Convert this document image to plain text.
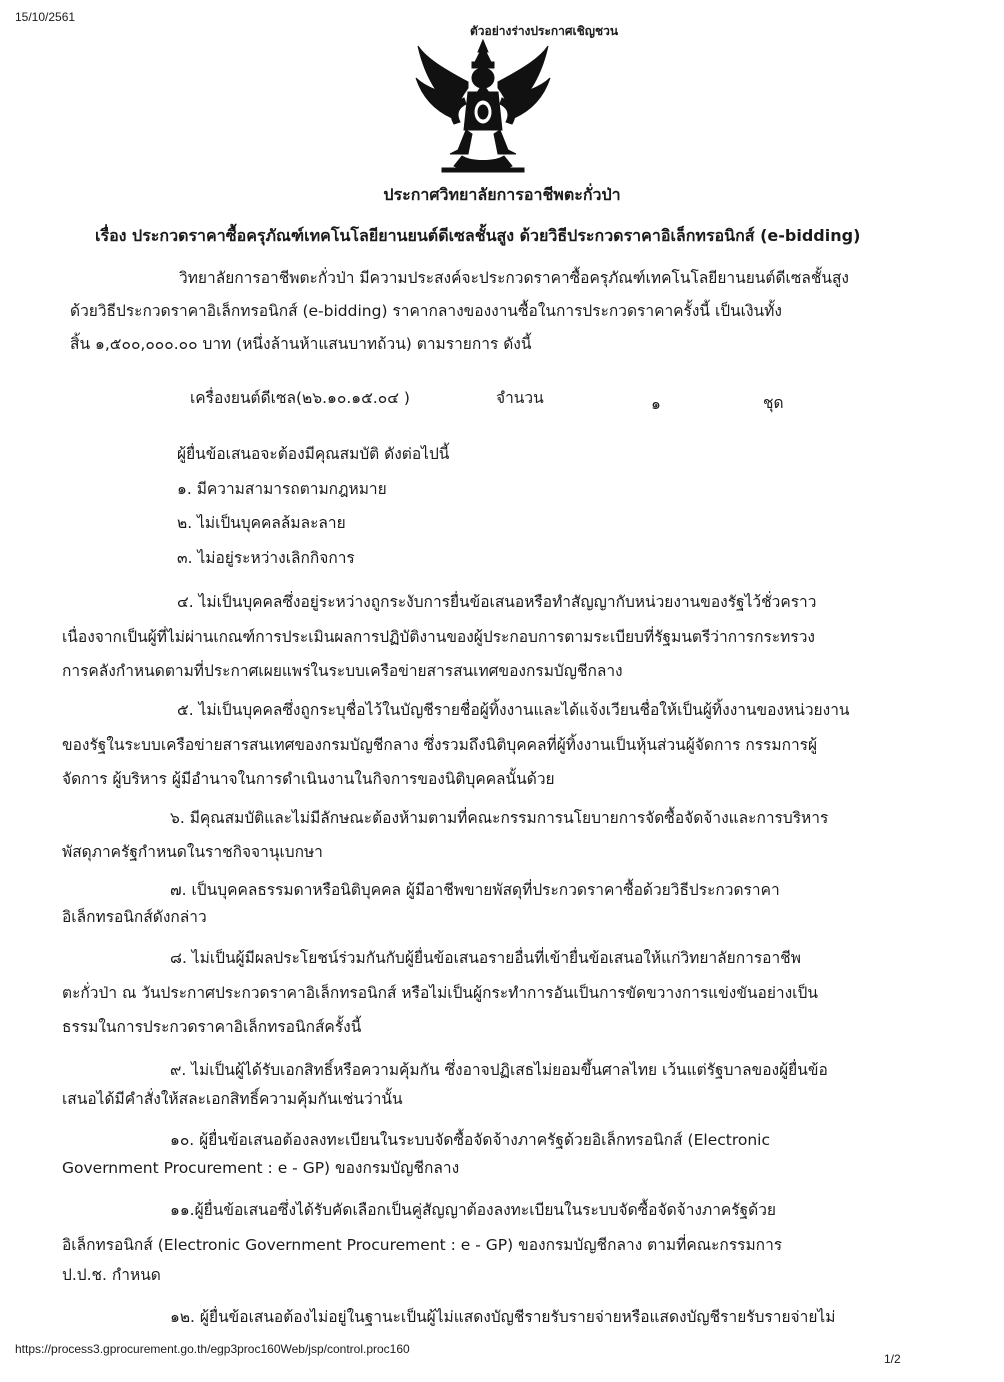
15/10/2561
ตัวอย่างร่างประกาศเชิญชวน
ประกาศวิทยาลัยการอาชีพตะกั่วป่า
เรื่อง ประกวดราคาซื้อครุภัณฑ์เทคโนโลยียานยนต์ดีเซลชั้นสูง ด้วยวิธีประกวดราคาอิเล็กทรอนิกส์ (e-bidding)
วิทยาลัยการอาชีพตะกั่วป่า มีความประสงค์จะประกวดราคาซื้อครุภัณฑ์เทคโนโลยียานยนต์ดีเซลชั้นสูง
ด้วยวิธีประกวดราคาอิเล็กทรอนิกส์ (e-bidding) ราคากลางของงานซื้อในการประกวดราคาครั้งนี้ เป็นเงินทั้ง
สิ้น ๑,๕๐๐,๐๐๐.๐๐ บาท (หนึ่งล้านห้าแสนบาทถ้วน) ตามรายการ ดังนี้
เครื่องยนต์ดีเซล(๒๖.๑๐.๑๕.๐๔ )	จำนวน	๑	ชุด
ผู้ยื่นข้อเสนอจะต้องมีคุณสมบัติ ดังต่อไปนี้
๑. มีความสามารถตามกฎหมาย
๒. ไม่เป็นบุคคลล้มละลาย
๓. ไม่อยู่ระหว่างเลิกกิจการ
๔. ไม่เป็นบุคคลซึ่งอยู่ระหว่างถูกระงับการยื่นข้อเสนอหรือทำสัญญากับหน่วยงานของรัฐไว้ชั่วคราว
เนื่องจากเป็นผู้ที่ไม่ผ่านเกณฑ์การประเมินผลการปฏิบัติงานของผู้ประกอบการตามระเบียบที่รัฐมนตรีว่าการกระทรวง
การคลังกำหนดตามที่ประกาศเผยแพร่ในระบบเครือข่ายสารสนเทศของกรมบัญชีกลาง
๕. ไม่เป็นบุคคลซึ่งถูกระบุชื่อไว้ในบัญชีรายชื่อผู้ทิ้งงานและได้แจ้งเวียนชื่อให้เป็นผู้ทิ้งงานของหน่วยงาน
ของรัฐในระบบเครือข่ายสารสนเทศของกรมบัญชีกลาง ซึ่งรวมถึงนิติบุคคลที่ผู้ทิ้งงานเป็นหุ้นส่วนผู้จัดการ กรรมการผู้
จัดการ ผู้บริหาร ผู้มีอำนาจในการดำเนินงานในกิจการของนิติบุคคลนั้นด้วย
๖. มีคุณสมบัติและไม่มีลักษณะต้องห้ามตามที่คณะกรรมการนโยบายการจัดซื้อจัดจ้างและการบริหาร
พัสดุภาครัฐกำหนดในราชกิจจานุเบกษา
๗. เป็นบุคคลธรรมดาหรือนิติบุคคล ผู้มีอาชีพขายพัสดุที่ประกวดราคาซื้อด้วยวิธีประกวดราคา
อิเล็กทรอนิกส์ดังกล่าว
๘. ไม่เป็นผู้มีผลประโยชน์ร่วมกันกับผู้ยื่นข้อเสนอรายอื่นที่เข้ายื่นข้อเสนอให้แก่วิทยาลัยการอาชีพ
ตะกั่วป่า ณ วันประกาศประกวดราคาอิเล็กทรอนิกส์ หรือไม่เป็นผู้กระทำการอันเป็นการขัดขวางการแข่งขันอย่างเป็น
ธรรมในการประกวดราคาอิเล็กทรอนิกส์ครั้งนี้
๙. ไม่เป็นผู้ได้รับเอกสิทธิ์หรือความคุ้มกัน ซึ่งอาจปฏิเสธไม่ยอมขึ้นศาลไทย เว้นแต่รัฐบาลของผู้ยื่นข้อ
เสนอได้มีคำสั่งให้สละเอกสิทธิ์ความคุ้มกันเช่นว่านั้น
๑๐. ผู้ยื่นข้อเสนอต้องลงทะเบียนในระบบจัดซื้อจัดจ้างภาครัฐด้วยอิเล็กทรอนิกส์ (Electronic
Government Procurement : e - GP) ของกรมบัญชีกลาง
๑๑.ผู้ยื่นข้อเสนอซึ่งได้รับคัดเลือกเป็นคู่สัญญาต้องลงทะเบียนในระบบจัดซื้อจัดจ้างภาครัฐด้วย
อิเล็กทรอนิกส์ (Electronic Government Procurement : e - GP) ของกรมบัญชีกลาง ตามที่คณะกรรมการ
ป.ป.ช. กำหนด
๑๒. ผู้ยื่นข้อเสนอต้องไม่อยู่ในฐานะเป็นผู้ไม่แสดงบัญชีรายรับรายจ่ายหรือแสดงบัญชีรายรับรายจ่ายไม่
https://process3.gprocurement.go.th/egp3proc160Web/jsp/control.proc160
1/2
